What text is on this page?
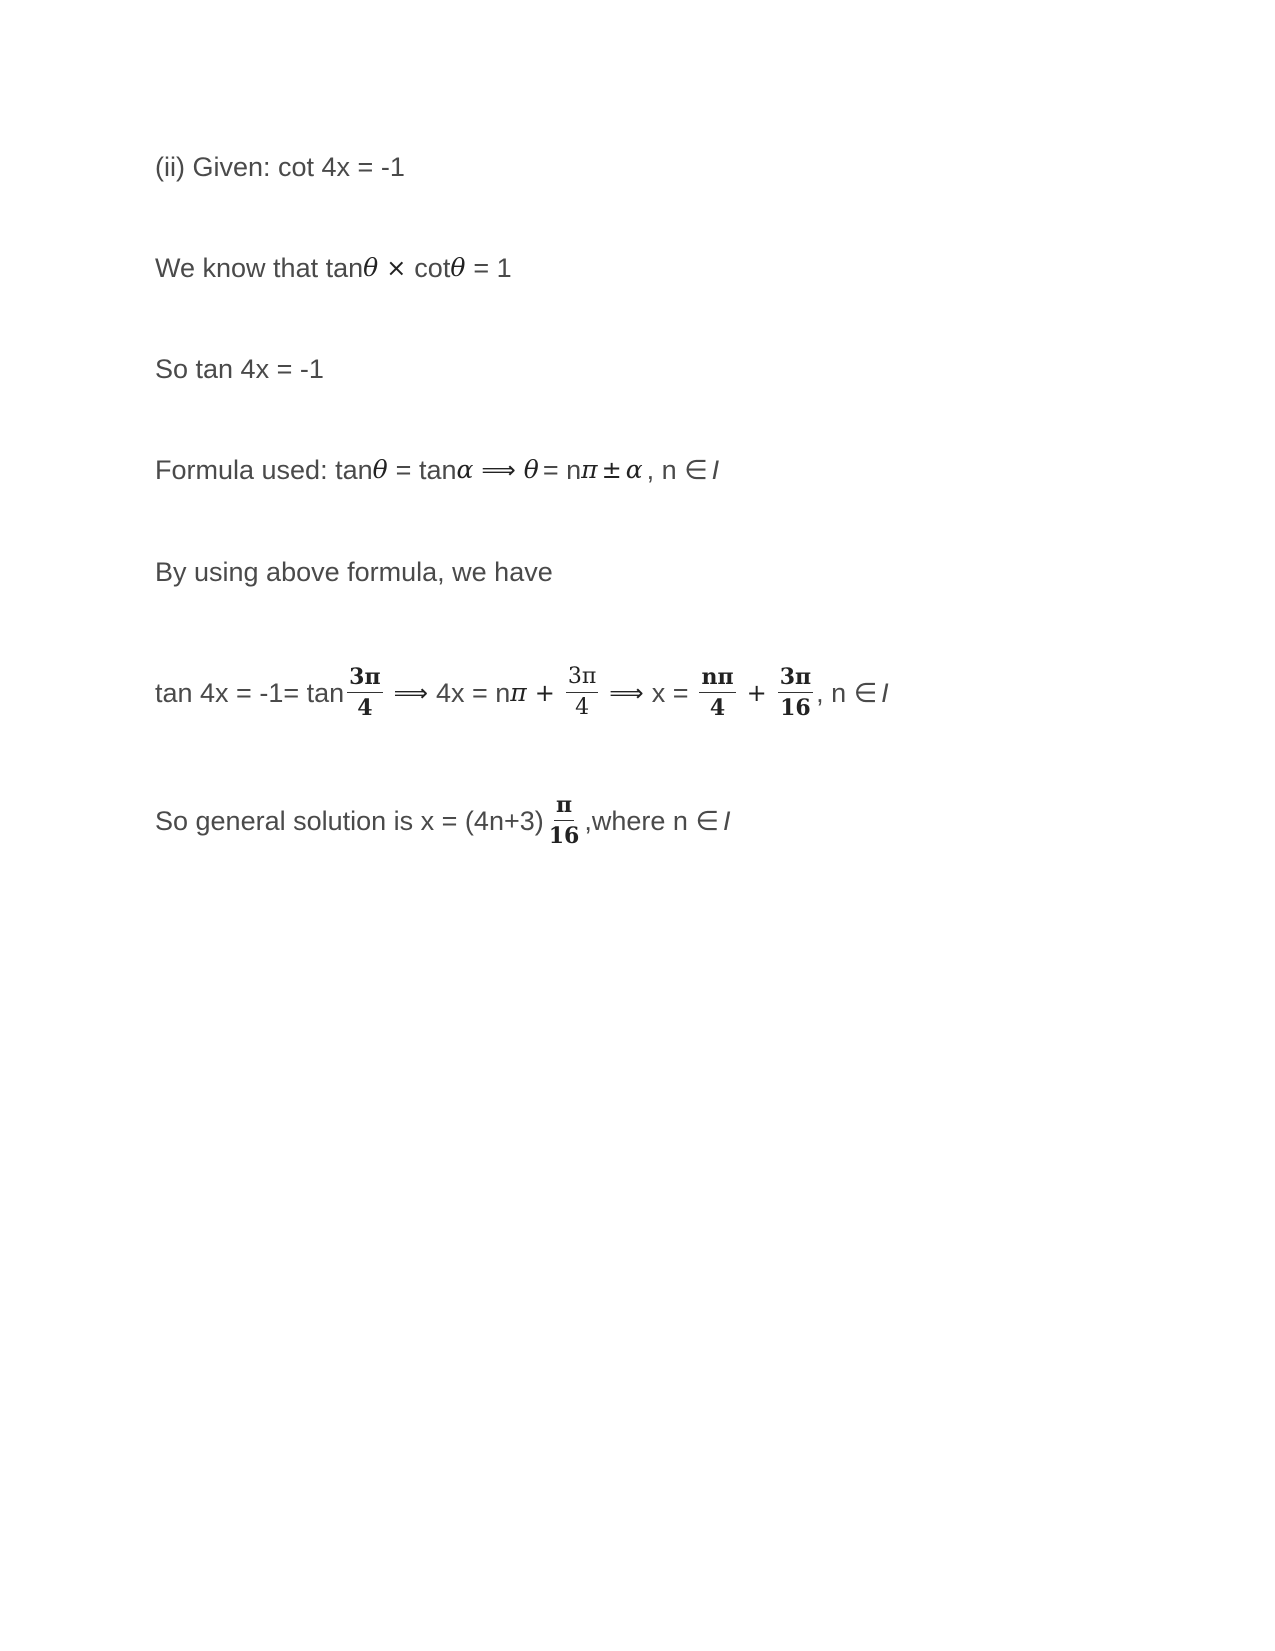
(ii) Given: cot 4x = -1
We know that tan θ × cot θ = 1
So tan 4x = -1
Formula used: tan θ = tan α ⟹ θ = n π ± α , n ∈ I
By using above formula, we have
$\tan 4x = -1= \tan \frac{3\pi}{4}$ ⟹ 4x = n $\pi + \frac{3\pi}{4}$ ⟹ $x = \frac{n\pi}{4} + \frac{3\pi}{16}$ , n ∈ I
So general solution is $x = (4n+3) \frac{\pi}{16}$ ,where n ∈ I
